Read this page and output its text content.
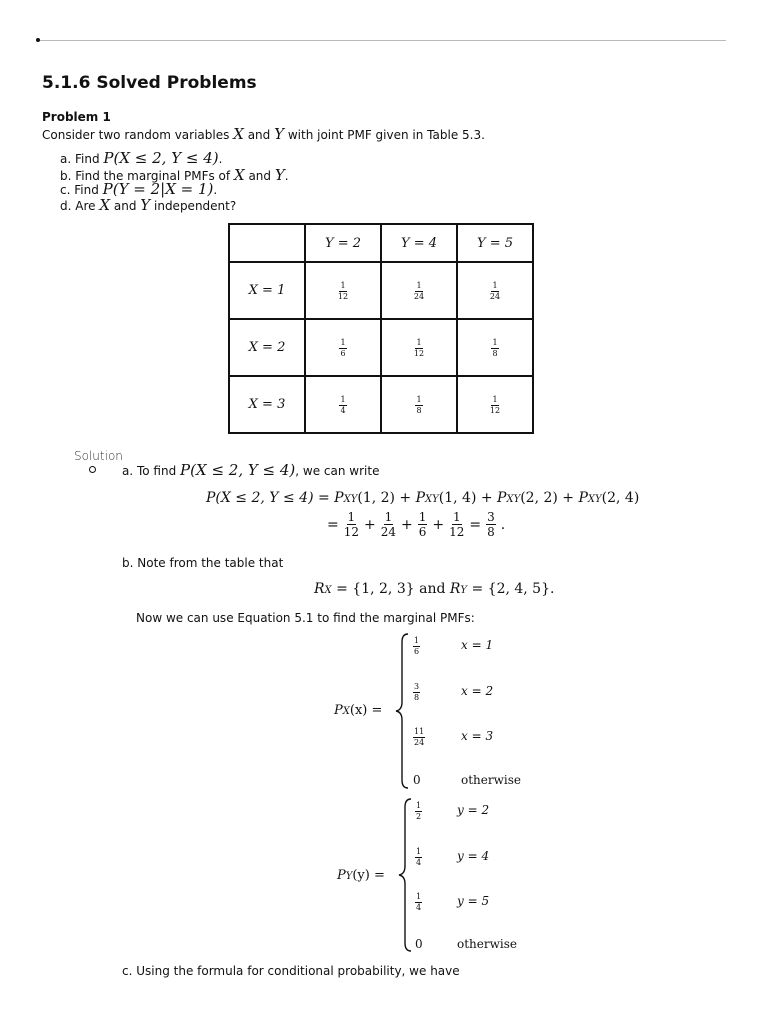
5.1.6 Solved Problems
Problem 1
Consider two random variables X and Y with joint PMF given in Table 5.3.
a. Find P(X ≤ 2, Y ≤ 4).
b. Find the marginal PMFs of X and Y.
c. Find P(Y = 2|X = 1).
d. Are X and Y independent?
	Y = 2	Y = 4	Y = 5
X = 1	$\frac{1}{12}$	$\frac{1}{24}$	$\frac{1}{24}$

X = 2	$\frac{1}{6}$	$\frac{1}{12}$	$\frac{1}{8}$

X = 3	$\frac{1}{4}$	$\frac{1}{8}$	$\frac{1}{12}$
Solution
a. To find P(X ≤ 2, Y ≤ 4), we can write
P(X ≤ 2, Y ≤ 4) = PXY(1, 2) + PXY(1, 4) + PXY(2, 2) + PXY(2, 4)
= $\frac{1}{12} + \frac{1}{24} + \frac{1}{6} + \frac{1}{12} = \frac{3}{8}$ .
b. Note from the table that
RX = {1, 2, 3} and RY = {2, 4, 5}.
Now we can use Equation 5.1 to find the marginal PMFs:
PX(x) =
$\frac{1}{6}$	x = 1
$\frac{3}{8}$	x = 2
$\frac{11}{24}$	x = 3
0	otherwise
PY(y) =
$\frac{1}{2}$	y = 2
$\frac{1}{4}$	y = 4
$\frac{1}{4}$	y = 5
0	otherwise
c. Using the formula for conditional probability, we have
